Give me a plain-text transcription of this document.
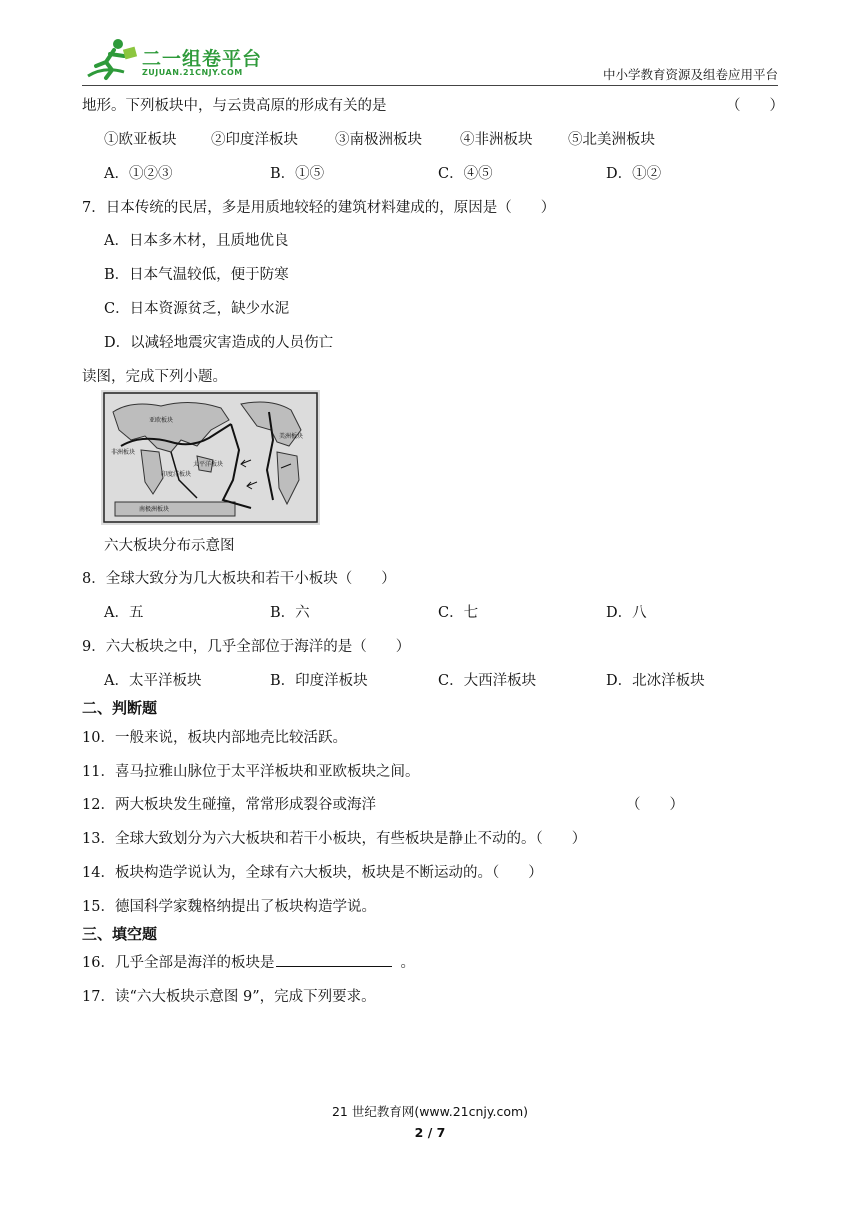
二一组卷平台
ZUJUAN.21CNJY.COM	中小学教育资源及组卷应用平台
地形。下列板块中，与云贵高原的形成有关的是	（　　）
①欧亚板块 ②印度洋板块	③南极洲板块	④非洲板块 ⑤北美洲板块
A．①②③	B．①⑤	C．④⑤	D．①②
7．日本传统的民居，多是用质地较轻的建筑材料建成的，原因是（　　）
A．日本多木材，且质地优良
B．日本气温较低，便于防寒
C．日本资源贫乏，缺少水泥
D．以减轻地震灾害造成的人员伤亡
读图，完成下列小题。
亚欧板块
太平洋板块
印度洋板块
南极洲板块
美洲板块
非洲板块
六大板块分布示意图
8．全球大致分为几大板块和若干小板块（　　）
A．五	B．六	C．七	D．八
9．六大板块之中，几乎全部位于海洋的是（　　）
A．太平洋板块	B．印度洋板块	C．大西洋板块	D．北冰洋板块
二、判断题
10．一般来说，板块内部地壳比较活跃。
11．喜马拉雅山脉位于太平洋板块和亚欧板块之间。
12．两大板块发生碰撞，常常形成裂谷或海洋	（　　）
13．全球大致划分为六大板块和若干小板块，有些板块是静止不动的。（　　）
14．板块构造学说认为，全球有六大板块，板块是不断运动的。（　　）
15．德国科学家魏格纳提出了板块构造学说。
三、填空题
16．几乎全部是海洋的板块是	。
17．读“六大板块示意图 9”，完成下列要求。
21 世纪教育网(www.21cnjy.com)
2 / 7
